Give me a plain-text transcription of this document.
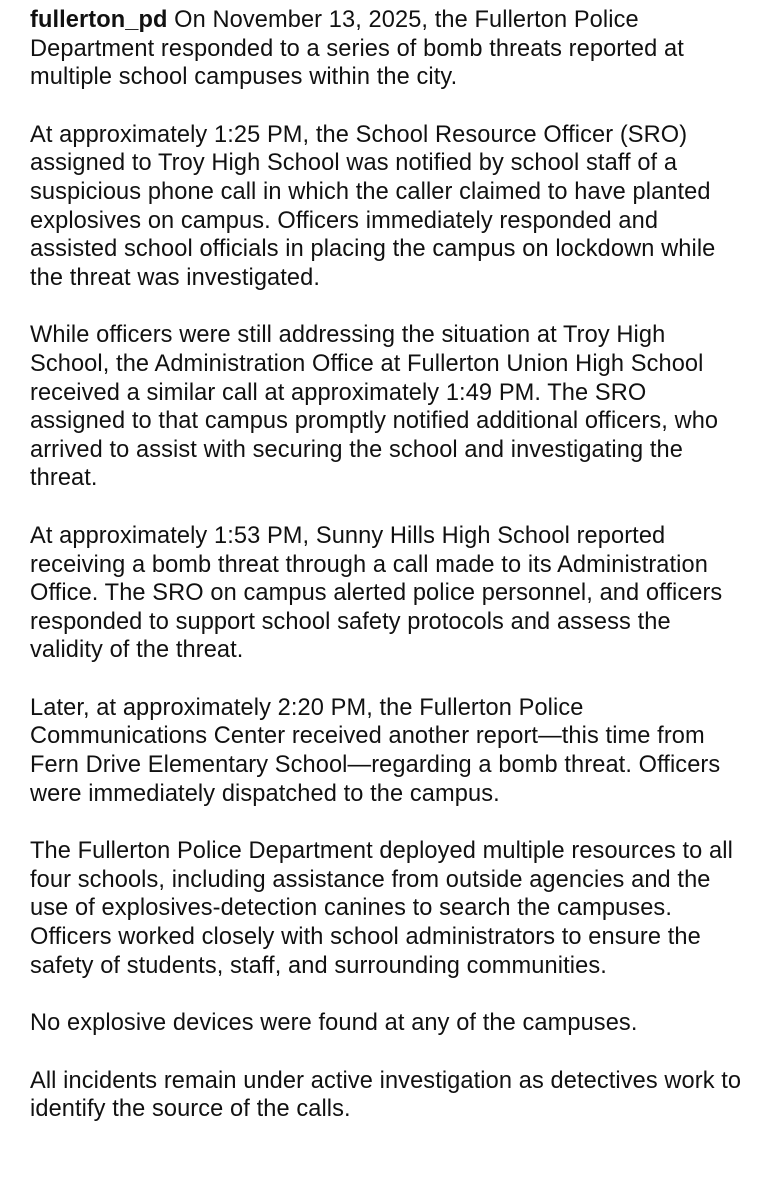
fullerton_pd On November 13, 2025, the Fullerton Police Department responded to a series of bomb threats reported at multiple school campuses within the city.

At approximately 1:25 PM, the School Resource Officer (SRO) assigned to Troy High School was notified by school staff of a suspicious phone call in which the caller claimed to have planted explosives on campus. Officers immediately responded and assisted school officials in placing the campus on lockdown while the threat was investigated.

While officers were still addressing the situation at Troy High School, the Administration Office at Fullerton Union High School received a similar call at approximately 1:49 PM. The SRO assigned to that campus promptly notified additional officers, who arrived to assist with securing the school and investigating the threat.

At approximately 1:53 PM, Sunny Hills High School reported receiving a bomb threat through a call made to its Administration Office. The SRO on campus alerted police personnel, and officers responded to support school safety protocols and assess the validity of the threat.

Later, at approximately 2:20 PM, the Fullerton Police Communications Center received another report—this time from Fern Drive Elementary School—regarding a bomb threat. Officers were immediately dispatched to the campus.

The Fullerton Police Department deployed multiple resources to all four schools, including assistance from outside agencies and the use of explosives-detection canines to search the campuses. Officers worked closely with school administrators to ensure the safety of students, staff, and surrounding communities.

No explosive devices were found at any of the campuses.

All incidents remain under active investigation as detectives work to identify the source of the calls.
